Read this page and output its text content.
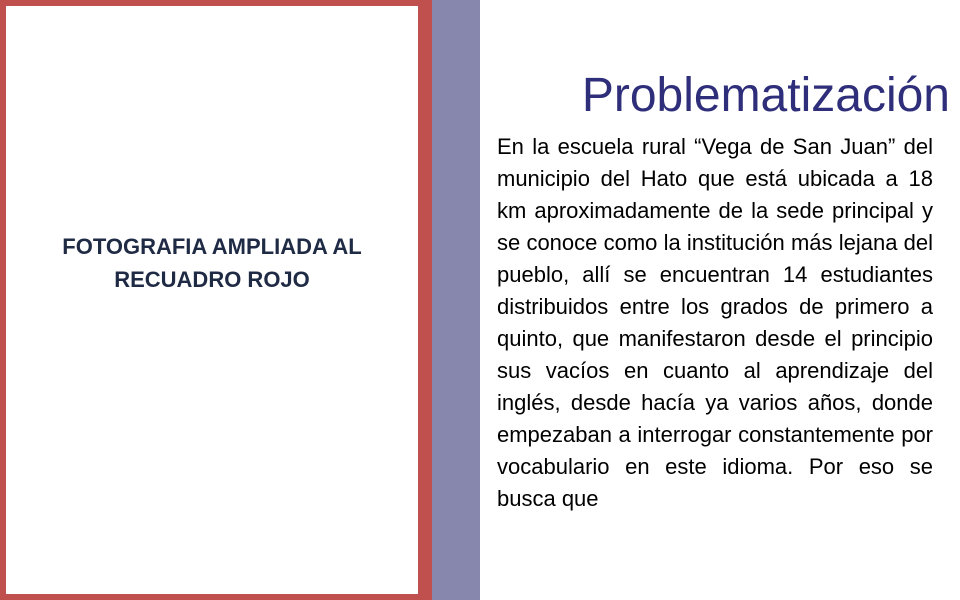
FOTOGRAFIA AMPLIADA AL RECUADRO ROJO
Problematización

En la escuela rural “Vega de San Juan” del municipio del Hato que está ubicada a 18 km aproximadamente de la sede principal y se conoce como la institución más lejana del pueblo, allí se encuentran 14 estudiantes distribuidos entre los grados de primero a quinto, que manifestaron desde el principio sus vacíos en cuanto al aprendizaje del inglés, desde hacía ya varios años, donde empezaban a interrogar constantemente por vocabulario en este idioma. Por eso se busca que
